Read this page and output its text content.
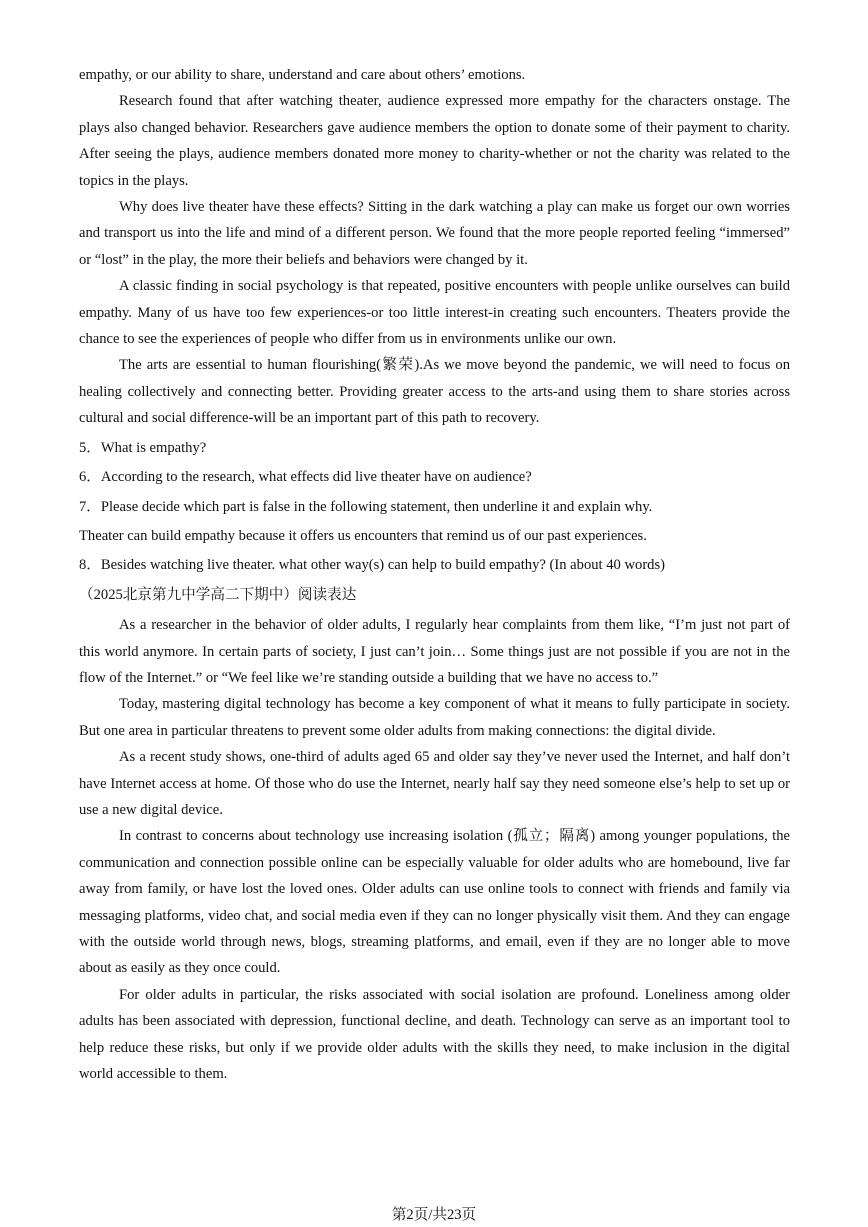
empathy, or our ability to share, understand and care about others’ emotions.

Research found that after watching theater, audience expressed more empathy for the characters onstage. The plays also changed behavior. Researchers gave audience members the option to donate some of their payment to charity. After seeing the plays, audience members donated more money to charity-whether or not the charity was related to the topics in the plays.

Why does live theater have these effects? Sitting in the dark watching a play can make us forget our own worries and transport us into the life and mind of a different person. We found that the more people reported feeling “immersed” or “lost” in the play, the more their beliefs and behaviors were changed by it.

A classic finding in social psychology is that repeated, positive encounters with people unlike ourselves can build empathy. Many of us have too few experiences-or too little interest-in creating such encounters. Theaters provide the chance to see the experiences of people who differ from us in environments unlike our own.

The arts are essential to human flourishing(繁荣).As we move beyond the pandemic, we will need to focus on healing collectively and connecting better. Providing greater access to the arts-and using them to share stories across cultural and social difference-will be an important part of this path to recovery.

5．What is empathy?

6．According to the research, what effects did live theater have on audience?

7．Please decide which part is false in the following statement, then underline it and explain why.

Theater can build empathy because it offers us encounters that remind us of our past experiences.

8．Besides watching live theater. what other way(s) can help to build empathy? (In about 40 words)

（2025北京第九中学高二下期中）阅读表达

As a researcher in the behavior of older adults, I regularly hear complaints from them like, “I’m just not part of this world anymore. In certain parts of society, I just can’t join… Some things just are not possible if you are not in the flow of the Internet.” or “We feel like we’re standing outside a building that we have no access to.”

Today, mastering digital technology has become a key component of what it means to fully participate in society. But one area in particular threatens to prevent some older adults from making connections: the digital divide.

As a recent study shows, one-third of adults aged 65 and older say they’ve never used the Internet, and half don’t have Internet access at home. Of those who do use the Internet, nearly half say they need someone else’s help to set up or use a new digital device.

In contrast to concerns about technology use increasing isolation (孤立；隔离) among younger populations, the communication and connection possible online can be especially valuable for older adults who are homebound, live far away from family, or have lost the loved ones. Older adults can use online tools to connect with friends and family via messaging platforms, video chat, and social media even if they can no longer physically visit them. And they can engage with the outside world through news, blogs, streaming platforms, and email, even if they are no longer able to move about as easily as they once could.

For older adults in particular, the risks associated with social isolation are profound. Loneliness among older adults has been associated with depression, functional decline, and death. Technology can serve as an important tool to help reduce these risks, but only if we provide older adults with the skills they need, to make inclusion in the digital world accessible to them.

第2页/共23页
